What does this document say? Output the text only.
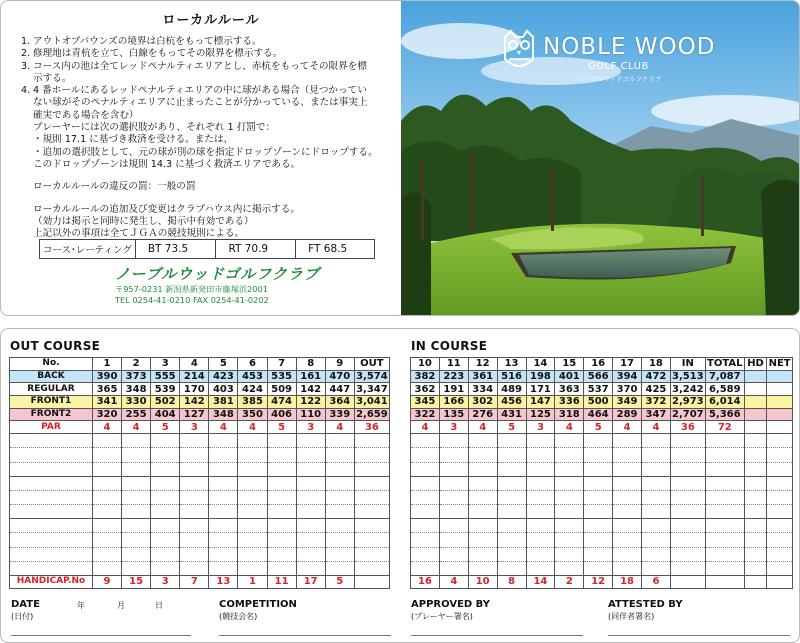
ローカルルール
1. アウトオブバウンズの境界は白杭をもって標示する。
2. 修理地は青杭を立て、白線をもってその限界を標示する。
3. コース内の池は全てレッドペナルティエリアとし、赤杭をもってその限界を標
示する。
4. 4 番ホールにあるレッドペナルティエリアの中に球がある場合（見つかってい
ない球がそのペナルティエリアに止まったことが分かっている、または事実上
確実である場合を含む）
プレーヤーには次の選択肢があり、それぞれ 1 打罰で：
・規則 17.1 に基づき救済を受ける。または、
・追加の選択肢として、元の球が別の球を指定ドロップゾーンにドロップする。
このドロップゾーンは規則 14.3 に基づく救済エリアである。
ローカルルールの違反の罰：一般の罰
ローカルルールの追加及び変更はクラブハウス内に掲示する。
（効力は掲示と同時に発生し、掲示中有効である）
上記以外の事項は全てＪＧＡの競技規則による。
コース･レーティング	BT 73.5	RT 70.9	FT 68.5
ノーブルウッドゴルフクラブ
〒957-0231 新潟県新発田市藤塚浜2001
TEL 0254-41-0210 FAX 0254-41-0202
NOBLE WOOD
GOLF CLUB
ノーブルウッドゴルフクラブ
OUT COURSE	IN COURSE
No.	1	2	3	4	5	6	7	8	9	OUT
BACK	390	373	555	214	423	453	535	161	470	3,574
REGULAR	365	348	539	170	403	424	509	142	447	3,347
FRONT1	341	330	502	142	381	385	474	122	364	3,041
FRONT2	320	255	404	127	348	350	406	110	339	2,659
PAR	4	4	5	3	4	4	5	3	4	36

HANDICAP.No	9	15	3	7	13	1	11	17	5	
10	11	12	13	14	15	16	17	18	IN	TOTAL	HD	NET
382	223	361	516	198	401	566	394	472	3,513	7,087		
362	191	334	489	171	363	537	370	425	3,242	6,589		
345	166	302	456	147	336	500	349	372	2,973	6,014		
322	135	276	431	125	318	464	289	347	2,707	5,366		
4	3	4	5	3	4	5	4	4	36	72		

16	4	10	8	14	2	12	18	6				
DATE
(日付)
年	月	日	COMPETITION
(競技会名)
APPROVED BY
(プレーヤー署名)
ATTESTED BY
(同伴者署名)
